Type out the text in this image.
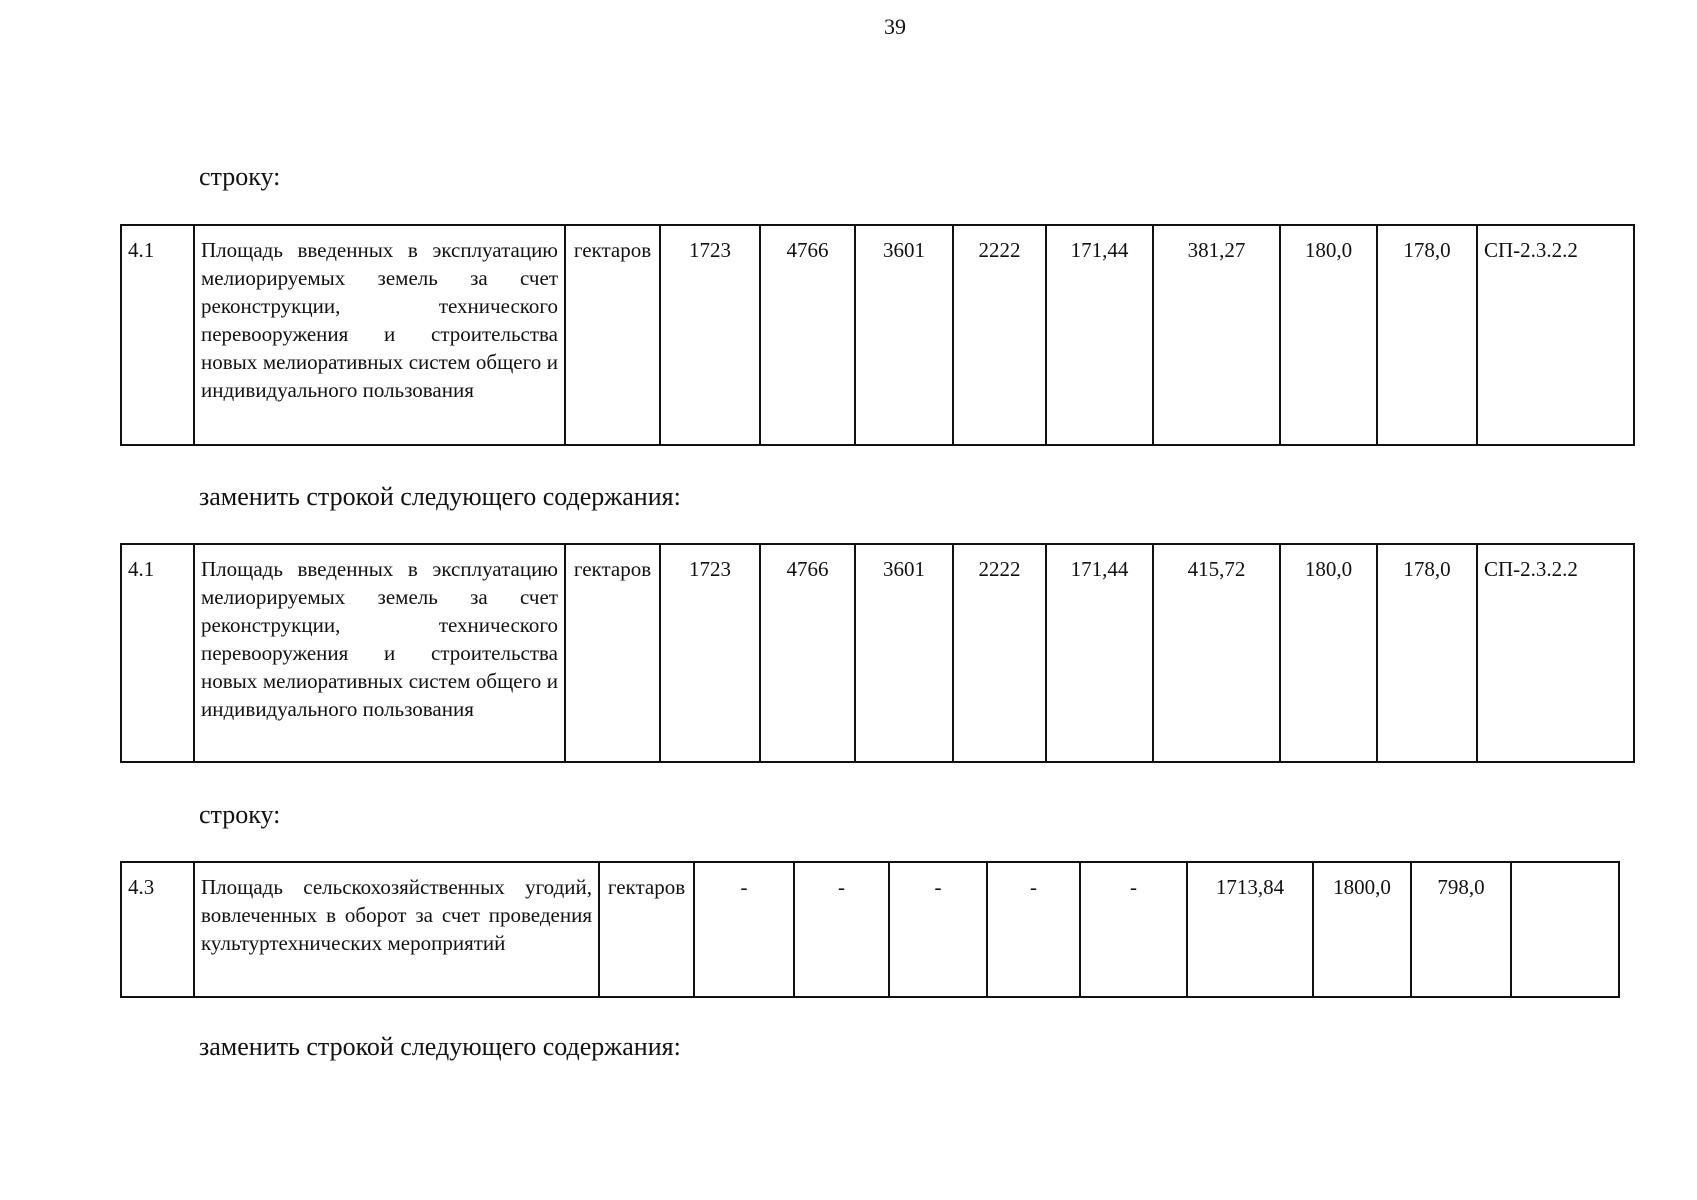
39
строку:
4.1	Площадь введенных в эксплуатацию мелиорируемых земель за счет реконструкции, технического перевооружения и строительства новых мелиоративных систем общего и индивидуального пользования	гектаров	1723	4766	3601	2222	171,44	381,27	180,0	178,0	СП-2.3.2.2
заменить строкой следующего содержания:
4.1	Площадь введенных в эксплуатацию мелиорируемых земель за счет реконструкции, технического перевооружения и строительства новых мелиоративных систем общего и индивидуального пользования	гектаров	1723	4766	3601	2222	171,44	415,72	180,0	178,0	СП-2.3.2.2
строку:
4.3	Площадь сельскохозяйственных угодий, вовлеченных в оборот за счет проведения культуртехнических мероприятий	гектаров	-	-	-	-	-	1713,84	1800,0	798,0	
заменить строкой следующего содержания:
